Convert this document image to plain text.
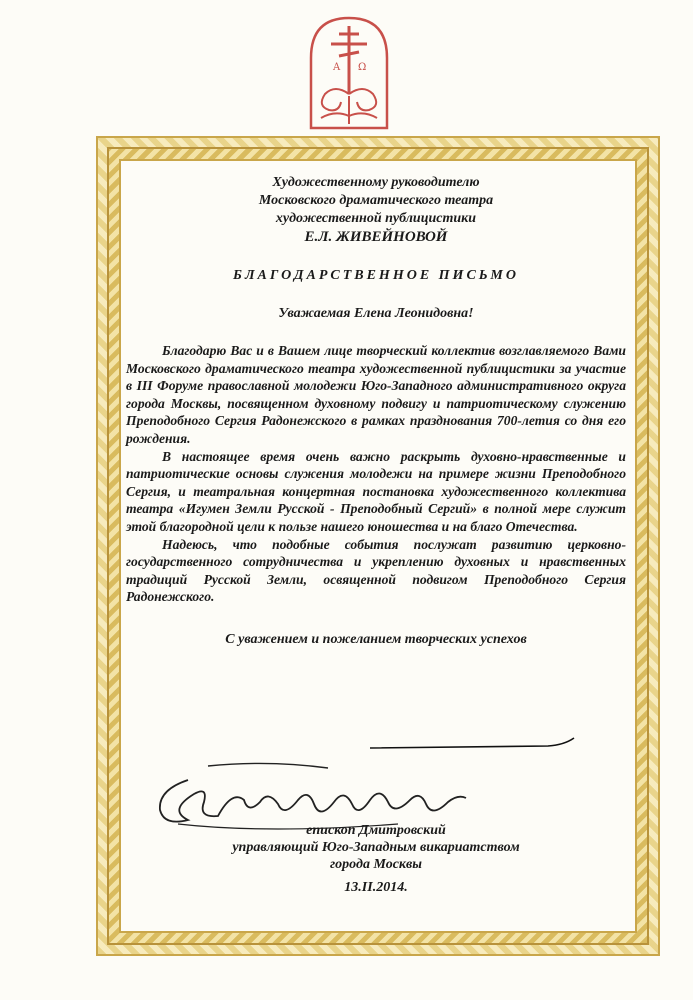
Α Ω
Художественному руководителю
Московского драматического театра
художественной публицистики
Е.Л. ЖИВЕЙНОВОЙ
БЛАГОДАРСТВЕННОЕ ПИСЬМО
Уважаемая Елена Леонидовна!

Благодарю Вас и в Вашем лице творческий коллектив возглавляемого Вами Московского драматического театра художественной публицистики за участие в III Форуме православной молодежи Юго-Западного административного округа города Москвы, посвященном духовному подвигу и патриотическому служению Преподобного Сергия Радонежского в рамках празднования 700-летия со дня его рождения.

В настоящее время очень важно раскрыть духовно-нравственные и патриотические основы служения молодежи на примере жизни Преподобного Сергия, и театральная концертная постановка художественного коллектива театра «Игумен Земли Русской - Преподобный Сергий» в полной мере служит этой благородной цели к пользе нашего юношества и на благо Отечества.

Надеюсь, что подобные события послужат развитию церковно-государственного сотрудничества и укреплению духовных и нравственных традиций Русской Земли, освященной подвигом Преподобного Сергия Радонежского.

С уважением и пожеланием творческих успехов
епископ Дмитровский
управляющий Юго-Западным викариатством
города Москвы
13.II.2014.
